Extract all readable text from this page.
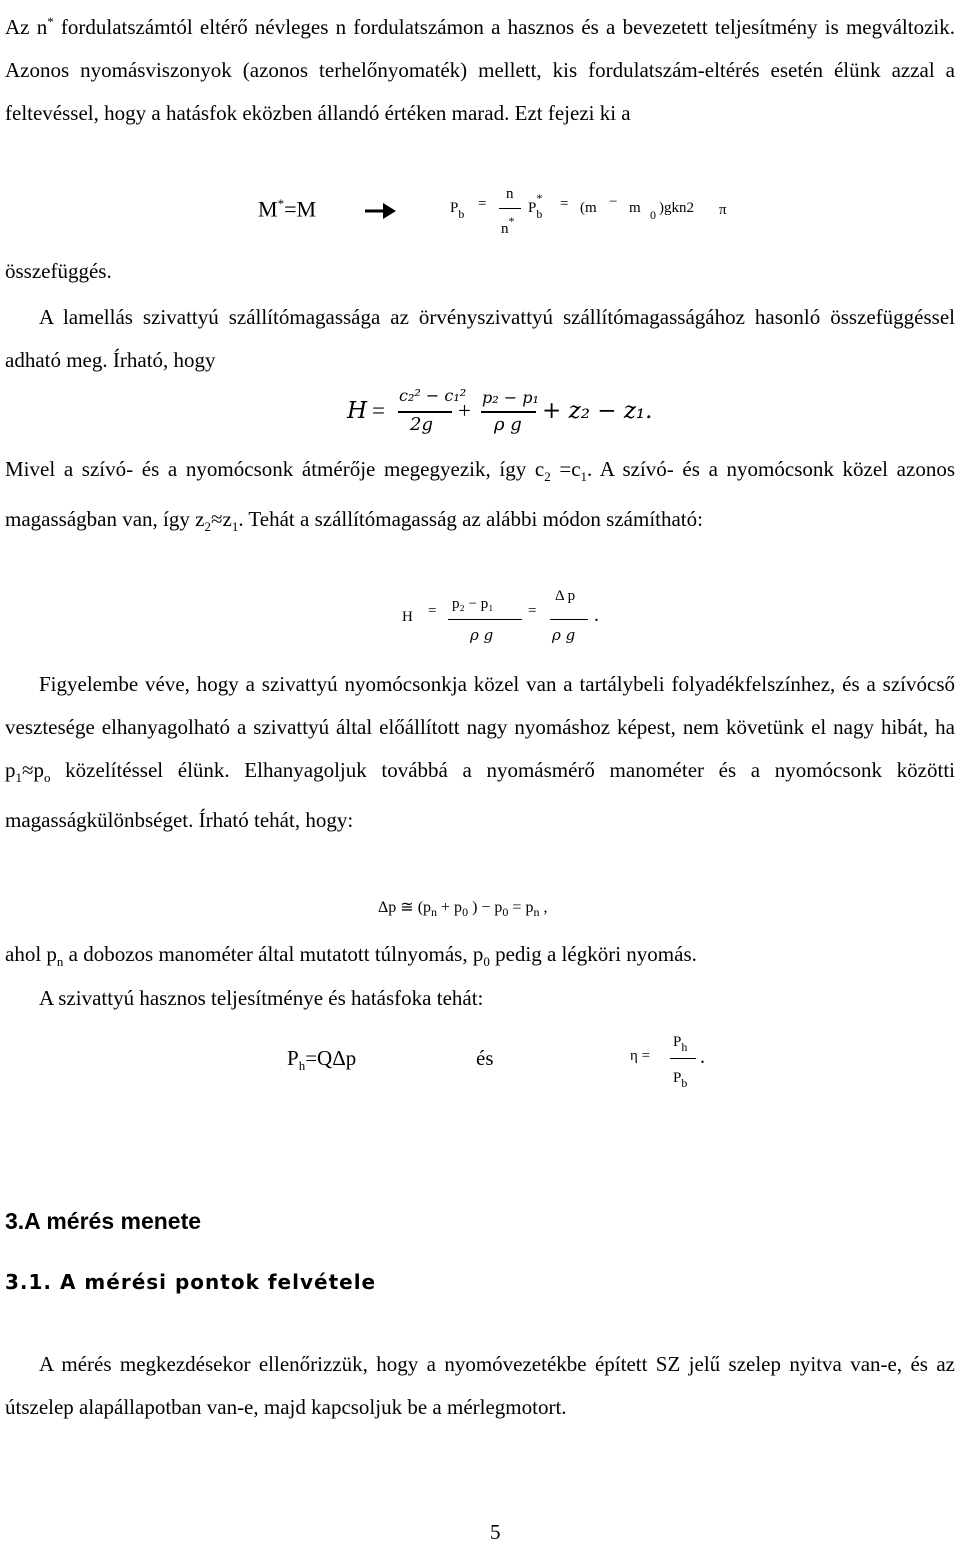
Az n* fordulatszámtól eltérő névleges n fordulatszámon a hasznos és a bevezetett teljesítmény is megváltozik. Azonos nyomásviszonyok (azonos terhelőnyomaték) mellett, kis fordulatszám-eltérés esetén élünk azzal a feltevéssel, hogy a hatásfok eközben állandó értéken marad. Ezt fejezi ki a

M*=M	$P_b$
=
n
n*
$P_b^*$	= (m − m 0 )gkn2 π
összefüggés.

A lamellás szivattyú szállítómagassága az örvényszivattyú szállítómagasságához hasonló összefüggéssel adható meg. Írható, hogy

H =
c₂² − c₁²
2g
+
p₂ − p₁
ρ g
+ z₂ − z₁.

Mivel a szívó- és a nyomócsonk átmérője megegyezik, így $c_2 =c_1$. A szívó- és a nyomócsonk közel azonos magasságban van, így $z_2\approx z_1$. Tehát a szállítómagasság az alábbi módon számítható:

H = p₂ − p₁
ρ g
=
Δ p
ρ g
.

Figyelembe véve, hogy a szivattyú nyomócsonkja közel van a tartálybeli folyadékfelszínhez, és a szívócső vesztesége elhanyagolható a szivattyú által előállított nagy nyomáshoz képest, nem követünk el nagy hibát, ha $p_1\approx p_o$ közelítéssel élünk. Elhanyagoljuk továbbá a nyomásmérő manométer és a nyomócsonk közötti magasságkülönbséget. Írható tehát, hogy:

Δp ≅ ($p_n + p_0$ ) − $p_0 = p_n$ ,
ahol $p_n$ a dobozos manométer által mutatott túlnyomás, $p_0$ pedig a légköri nyomás.
A szivattyú hasznos teljesítménye és hatásfoka tehát:
$P_h=Q\Delta p$	és	η =
$P_h$
$P_b$
.
3.A mérés menete
3.1. A mérési pontok felvétele

A mérés megkezdésekor ellenőrizzük, hogy a nyomóvezetékbe épített SZ jelű szelep nyitva van-e, és az útszelep alapállapotban van-e, majd kapcsoljuk be a mérlegmotort.

5
